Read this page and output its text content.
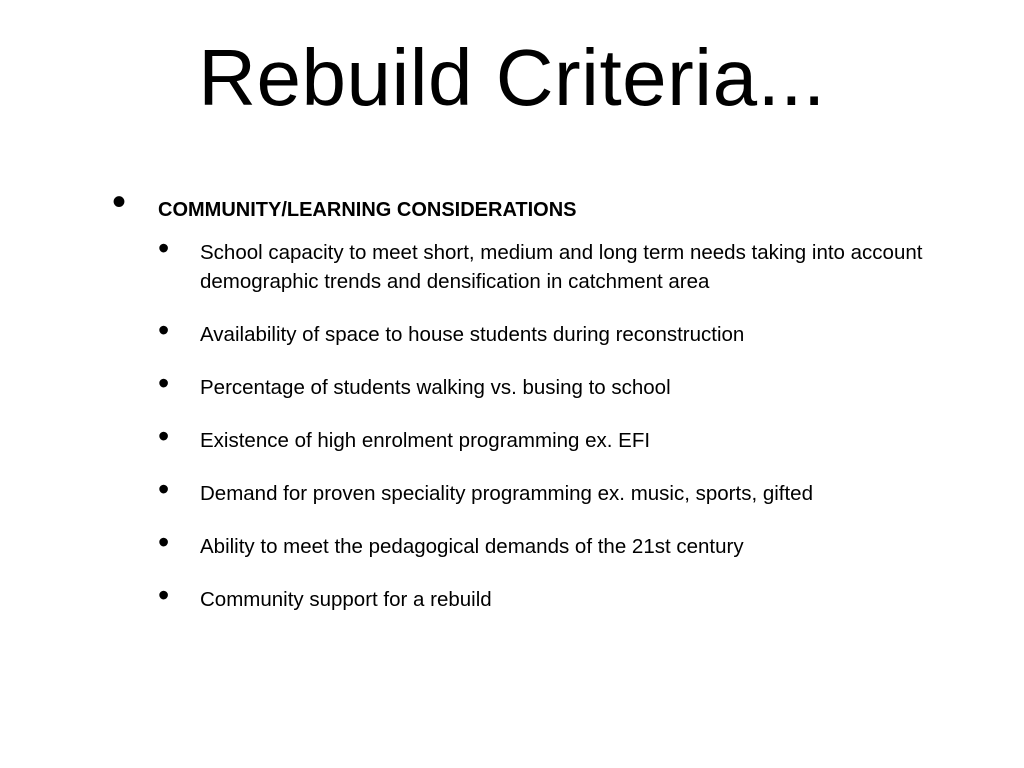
Rebuild Criteria...
• COMMUNITY/LEARNING CONSIDERATIONS
• School capacity to meet short, medium and long term needs taking into account demographic trends and densification in catchment area
• Availability of space to house students during reconstruction
• Percentage of students walking vs. busing to school
• Existence of high enrolment programming ex. EFI
• Demand for proven speciality programming ex. music, sports, gifted
• Ability to meet the pedagogical demands of the 21st century
• Community support for a rebuild
